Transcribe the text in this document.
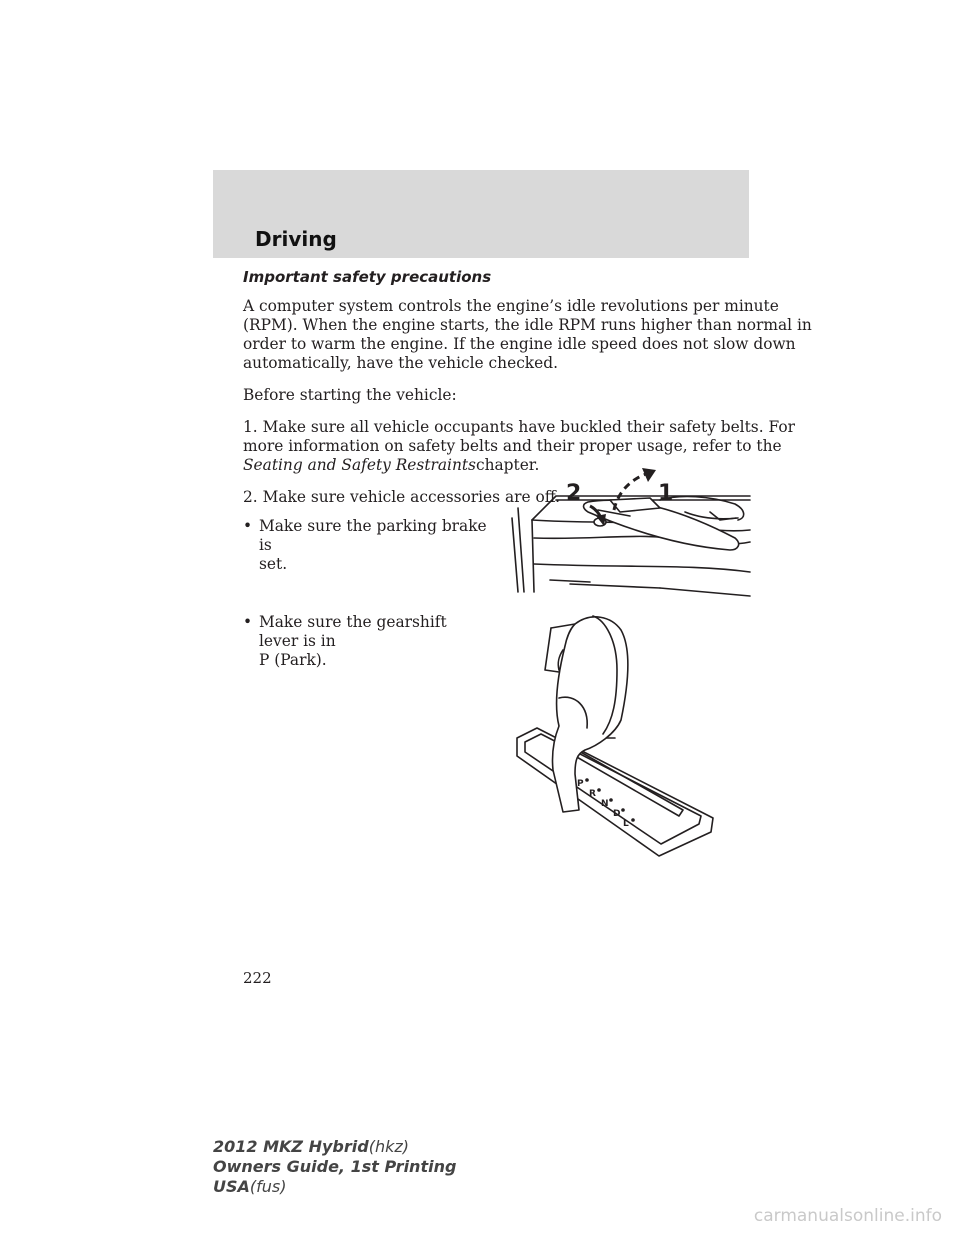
Driving
Important safety precautions

A computer system controls the engine’s idle revolutions per minute

(RPM). When the engine starts, the idle RPM runs higher than normal in

order to warm the engine. If the engine idle speed does not slow down

automatically, have the vehicle checked.

Before starting the vehicle:

1. Make sure all vehicle occupants have buckled their safety belts. For

more information on safety belts and their proper usage, refer to the

Seating and Safety Restraintschapter.

2. Make sure vehicle accessories are off.
• Make sure the parking brake is
set.
• Make sure the gearshift lever is in
P (Park).
2	1
P
R
N
D
L
222
2012 MKZ Hybrid(hkz)
Owners Guide, 1st Printing
USA(fus)
carmanualsonline.info
